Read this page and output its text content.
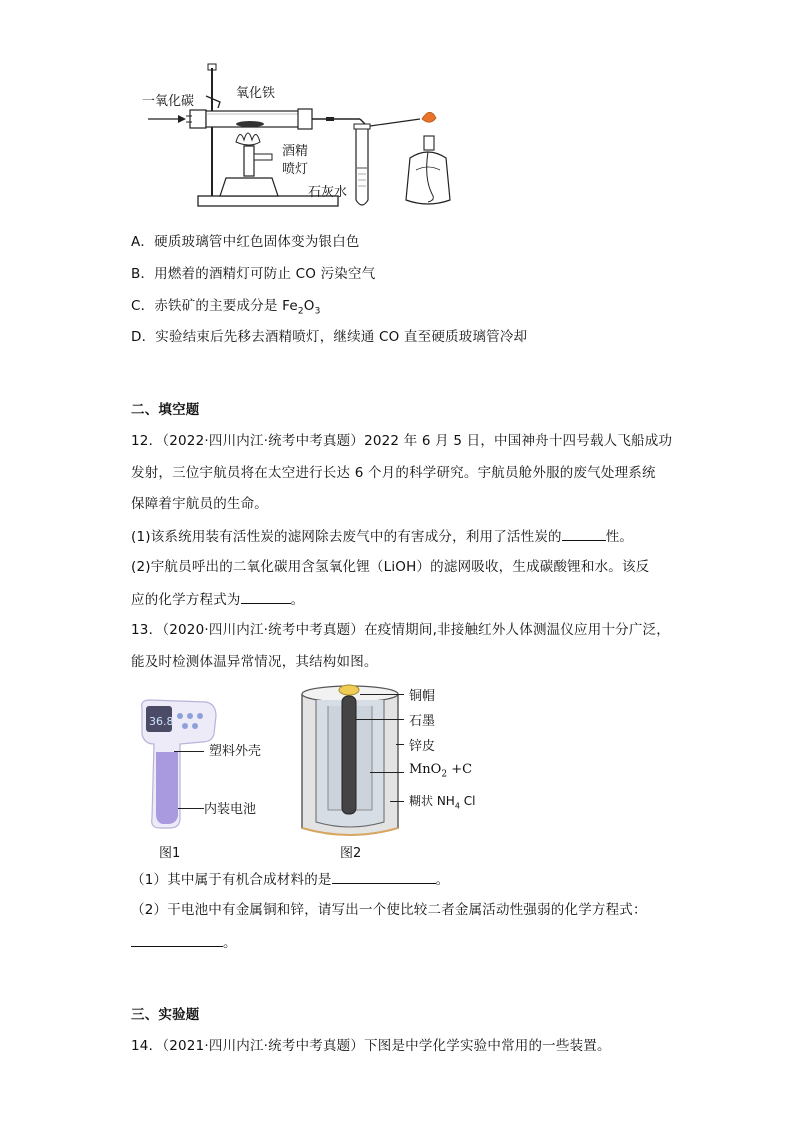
一氧化碳
氧化铁
酒精
喷灯
石灰水
A．硬质玻璃管中红色固体变为银白色
B．用燃着的酒精灯可防止 CO 污染空气
C．赤铁矿的主要成分是 $Fe_2O_3$
D．实验结束后先移去酒精喷灯，继续通 CO 直至硬质玻璃管冷却
二、填空题
12．（2022·四川内江·统考中考真题）2022 年 6 月 5 日，中国神舟十四号载人飞船成功
发射，三位宇航员将在太空进行长达 6 个月的科学研究。宇航员舱外服的废气处理系统
保障着宇航员的生命。
(1)该系统用装有活性炭的滤网除去废气中的有害成分，利用了活性炭的	性。
(2)宇航员呼出的二氧化碳用含氢氧化锂（LiOH）的滤网吸收，生成碳酸锂和水。该反
应的化学方程式为	。
13．（2020·四川内江·统考中考真题）在疫情期间,非接触红外人体测温仪应用十分广泛，
能及时检测体温异常情况，其结构如图。
36.8
塑料外壳
内装电池
图1
铜帽
石墨
锌皮
MnO$_2$ +C
糊状 $NH_4$ Cl
图2
（1）其中属于有机合成材料的是	。
（2）干电池中有金属铜和锌，请写出一个使比较二者金属活动性强弱的化学方程式：
。
三、实验题
14．（2021·四川内江·统考中考真题）下图是中学化学实验中常用的一些装置。
